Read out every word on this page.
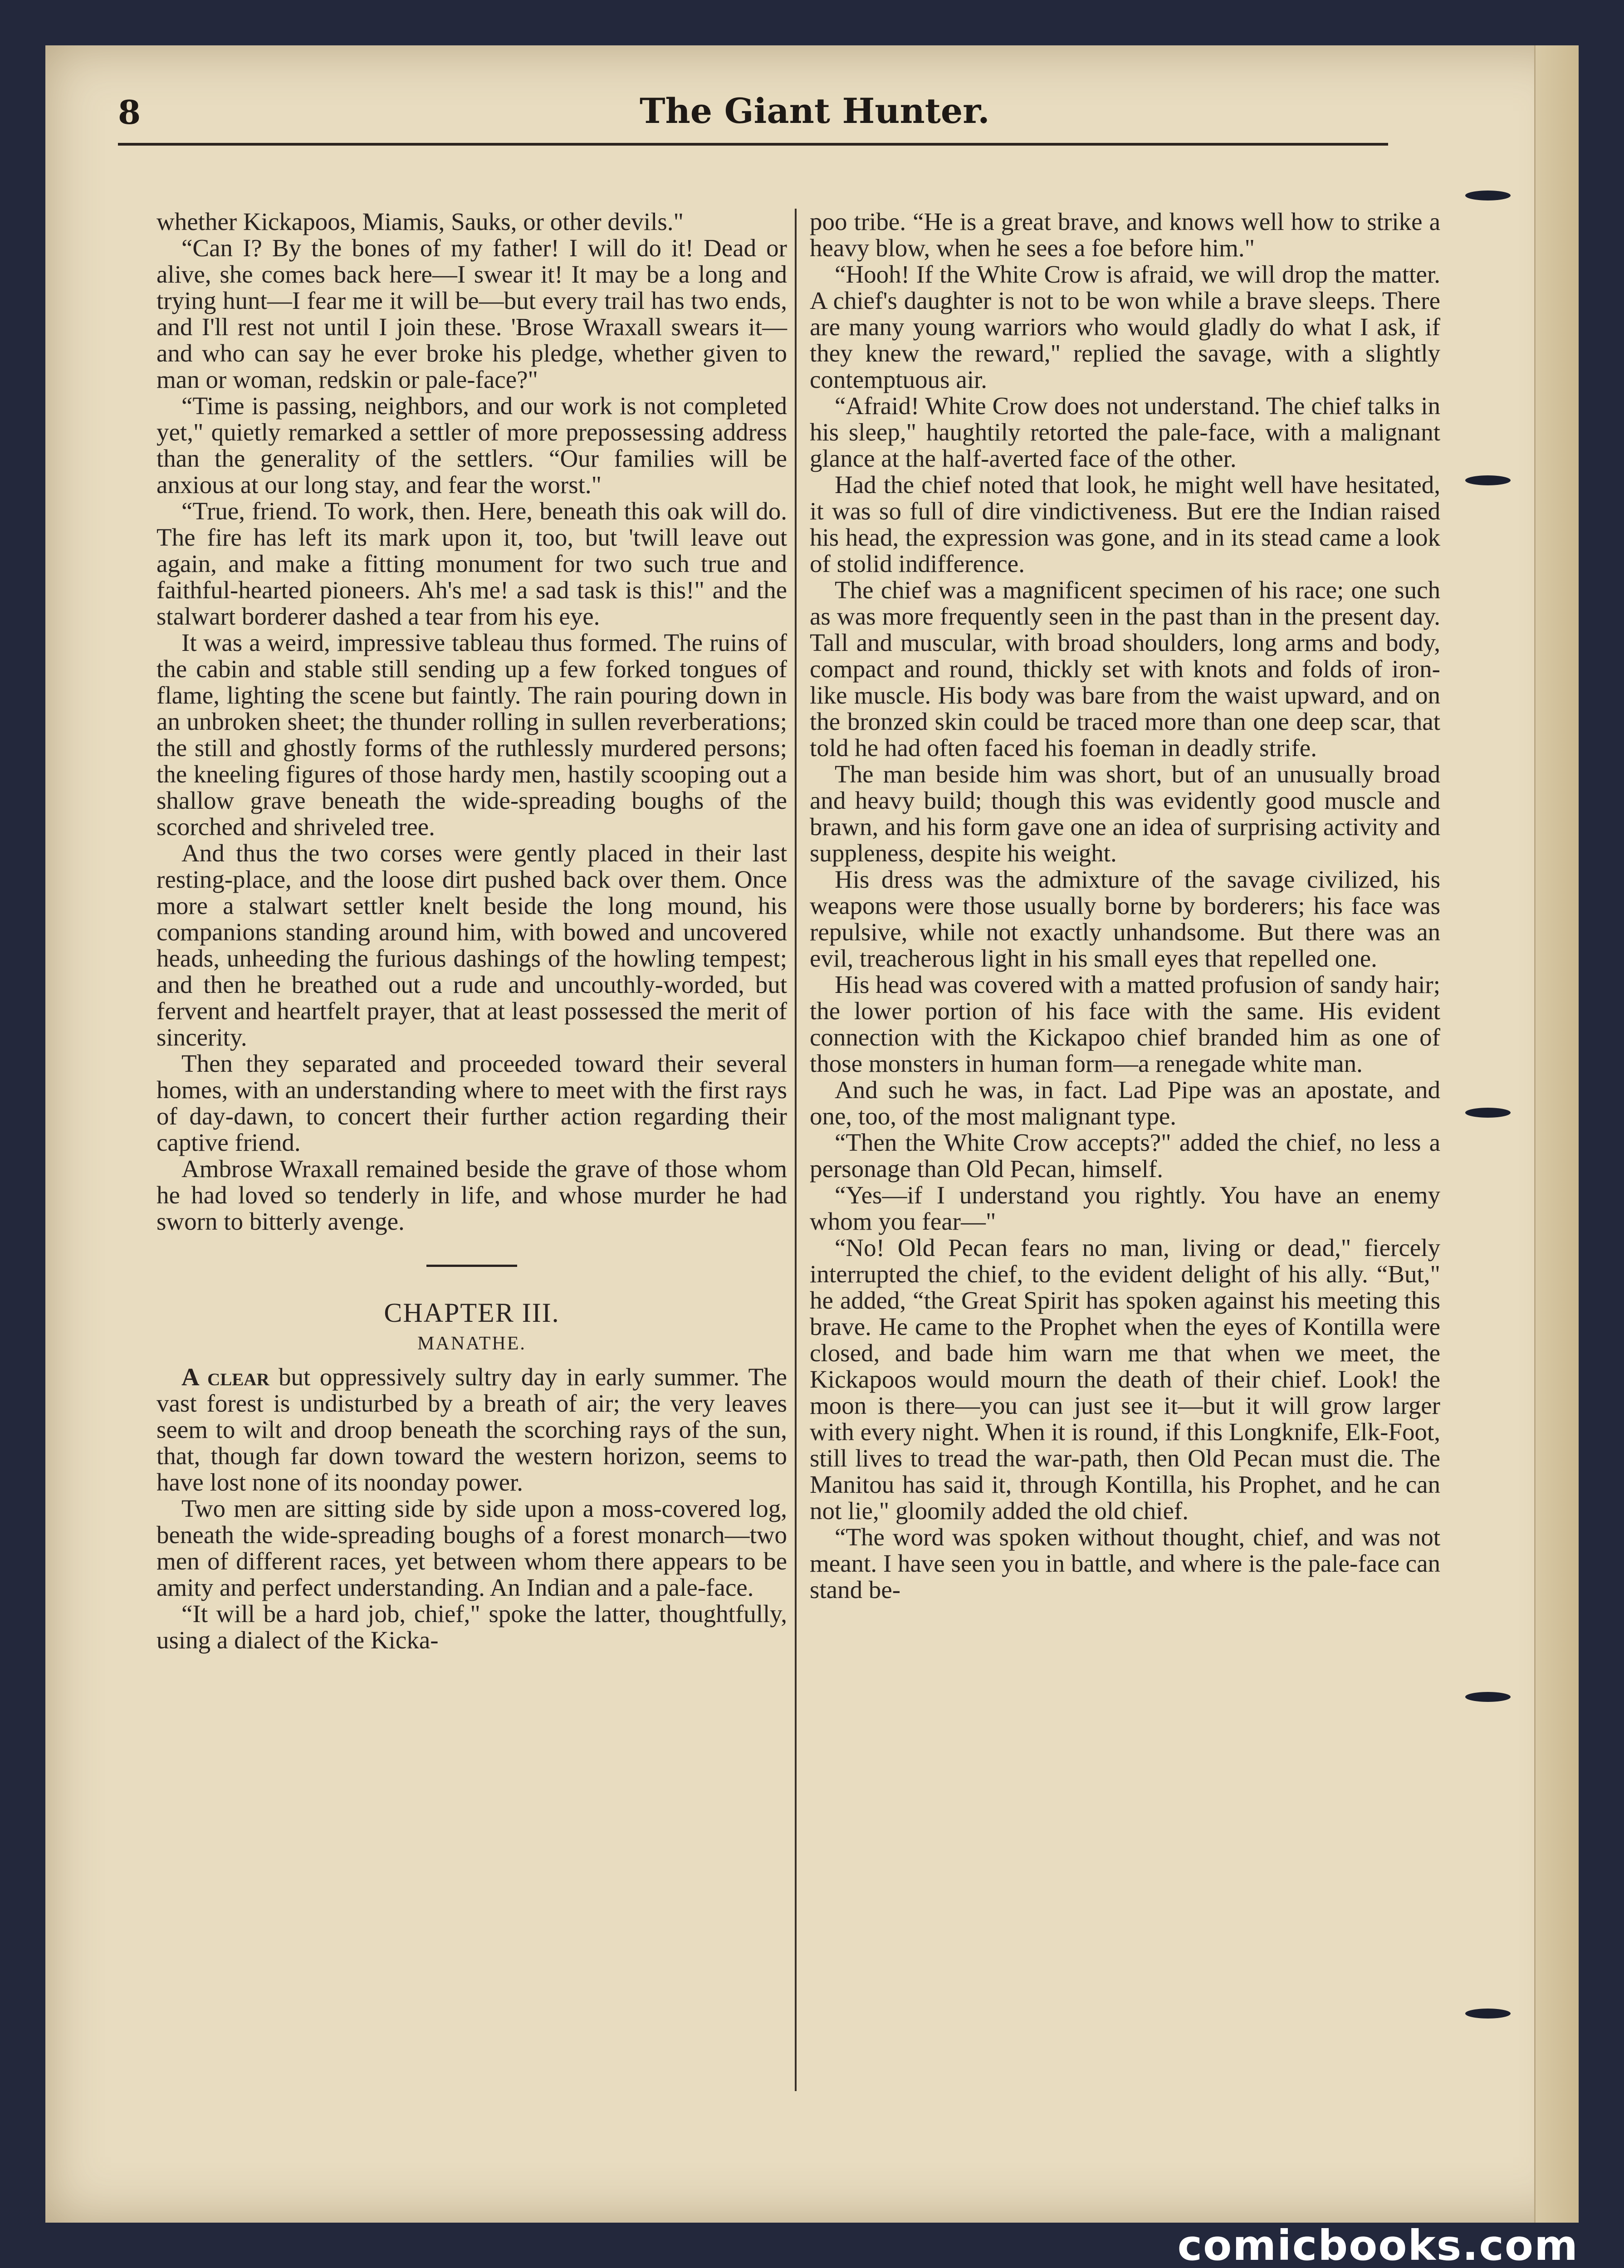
8	The Giant Hunter.

whether Kickapoos, Miamis, Sauks, or other devils."

“Can I? By the bones of my father! I will do it! Dead or alive, she comes back here—I swear it! It may be a long and trying hunt—I fear me it will be—but every trail has two ends, and I'll rest not until I join these. 'Brose Wraxall swears it—and who can say he ever broke his pledge, whether given to man or woman, redskin or pale-face?"

“Time is passing, neighbors, and our work is not completed yet," quietly remarked a settler of more prepossessing address than the generality of the settlers. “Our families will be anxious at our long stay, and fear the worst."

“True, friend. To work, then. Here, beneath this oak will do. The fire has left its mark upon it, too, but 'twill leave out again, and make a fitting monument for two such true and faithful-hearted pioneers. Ah's me! a sad task is this!" and the stalwart borderer dashed a tear from his eye.

It was a weird, impressive tableau thus formed. The ruins of the cabin and stable still sending up a few forked tongues of flame, lighting the scene but faintly. The rain pouring down in an unbroken sheet; the thunder rolling in sullen reverberations; the still and ghostly forms of the ruthlessly murdered persons; the kneeling figures of those hardy men, hastily scooping out a shallow grave beneath the wide-spreading boughs of the scorched and shriveled tree.

And thus the two corses were gently placed in their last resting-place, and the loose dirt pushed back over them. Once more a stalwart settler knelt beside the long mound, his companions standing around him, with bowed and uncovered heads, unheeding the furious dashings of the howling tempest; and then he breathed out a rude and uncouthly-worded, but fervent and heartfelt prayer, that at least possessed the merit of sincerity.

Then they separated and proceeded toward their several homes, with an understanding where to meet with the first rays of day-dawn, to concert their further action regarding their captive friend.

Ambrose Wraxall remained beside the grave of those whom he had loved so tenderly in life, and whose murder he had sworn to bitterly avenge.

CHAPTER III.
MANATHE.

A clear but oppressively sultry day in early summer. The vast forest is undisturbed by a breath of air; the very leaves seem to wilt and droop beneath the scorching rays of the sun, that, though far down toward the western horizon, seems to have lost none of its noonday power.

Two men are sitting side by side upon a moss-covered log, beneath the wide-spreading boughs of a forest monarch—two men of different races, yet between whom there appears to be amity and perfect understanding. An Indian and a pale-face.

“It will be a hard job, chief," spoke the latter, thoughtfully, using a dialect of the Kicka-

poo tribe. “He is a great brave, and knows well how to strike a heavy blow, when he sees a foe before him."

“Hooh! If the White Crow is afraid, we will drop the matter. A chief's daughter is not to be won while a brave sleeps. There are many young warriors who would gladly do what I ask, if they knew the reward," replied the savage, with a slightly contemptuous air.

“Afraid! White Crow does not understand. The chief talks in his sleep," haughtily retorted the pale-face, with a malignant glance at the half-averted face of the other.

Had the chief noted that look, he might well have hesitated, it was so full of dire vindictiveness. But ere the Indian raised his head, the expression was gone, and in its stead came a look of stolid indifference.

The chief was a magnificent specimen of his race; one such as was more frequently seen in the past than in the present day. Tall and muscular, with broad shoulders, long arms and body, compact and round, thickly set with knots and folds of iron-like muscle. His body was bare from the waist upward, and on the bronzed skin could be traced more than one deep scar, that told he had often faced his foeman in deadly strife.

The man beside him was short, but of an unusually broad and heavy build; though this was evidently good muscle and brawn, and his form gave one an idea of surprising activity and suppleness, despite his weight.

His dress was the admixture of the savage civilized, his weapons were those usually borne by borderers; his face was repulsive, while not exactly unhandsome. But there was an evil, treacherous light in his small eyes that repelled one.

His head was covered with a matted profusion of sandy hair; the lower portion of his face with the same. His evident connection with the Kickapoo chief branded him as one of those monsters in human form—a renegade white man.

And such he was, in fact. Lad Pipe was an apostate, and one, too, of the most malignant type.

“Then the White Crow accepts?" added the chief, no less a personage than Old Pecan, himself.

“Yes—if I understand you rightly. You have an enemy whom you fear—"

“No! Old Pecan fears no man, living or dead," fiercely interrupted the chief, to the evident delight of his ally. “But," he added, “the Great Spirit has spoken against his meeting this brave. He came to the Prophet when the eyes of Kontilla were closed, and bade him warn me that when we meet, the Kickapoos would mourn the death of their chief. Look! the moon is there—you can just see it—but it will grow larger with every night. When it is round, if this Longknife, Elk-Foot, still lives to tread the war-path, then Old Pecan must die. The Manitou has said it, through Kontilla, his Prophet, and he can not lie," gloomily added the old chief.

“The word was spoken without thought, chief, and was not meant. I have seen you in battle, and where is the pale-face can stand be-

comicbooks.com
